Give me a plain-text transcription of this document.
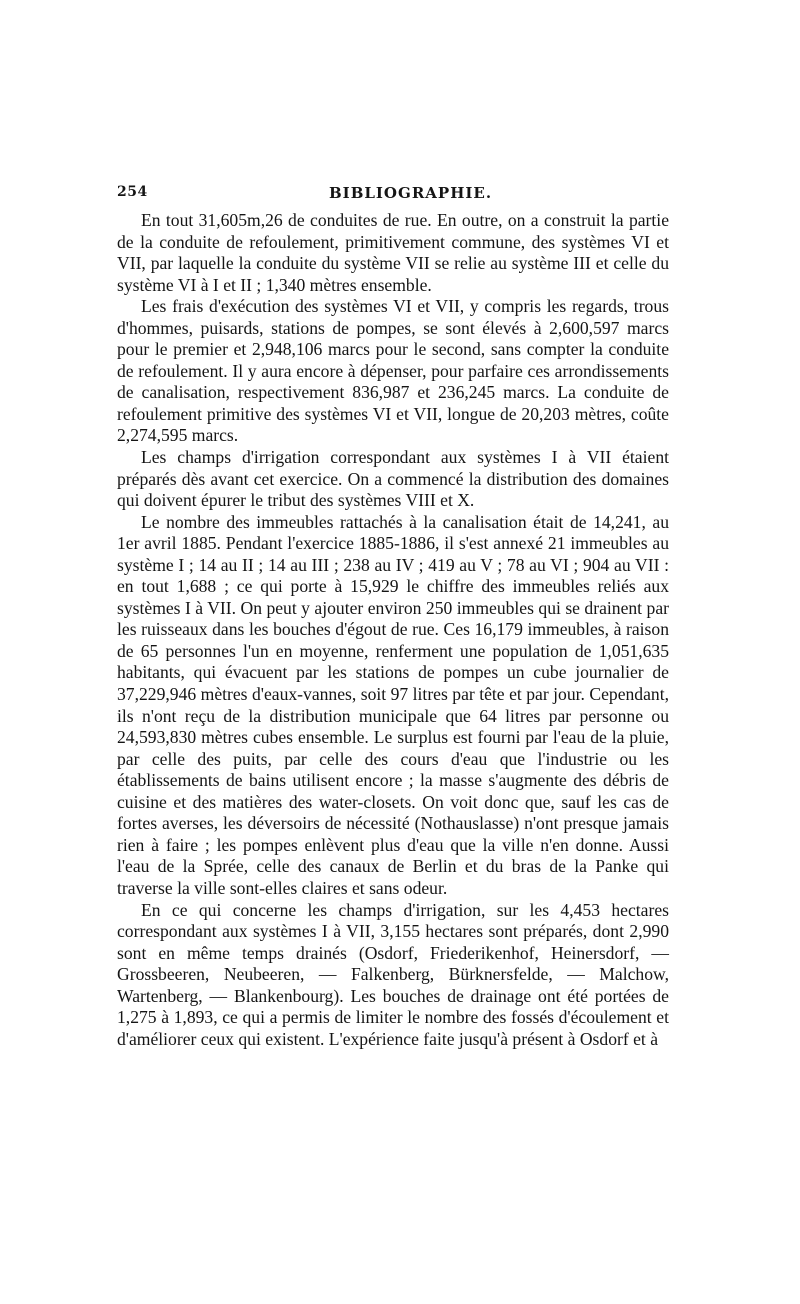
254	BIBLIOGRAPHIE.

En tout 31,605m,26 de conduites de rue. En outre, on a construit la partie de la conduite de refoulement, primitivement commune, des systèmes VI et VII, par laquelle la conduite du système VII se relie au système III et celle du système VI à I et II ; 1,340 mètres ensemble.

Les frais d'exécution des systèmes VI et VII, y compris les regards, trous d'hommes, puisards, stations de pompes, se sont élevés à 2,600,597 marcs pour le premier et 2,948,106 marcs pour le second, sans compter la conduite de refoulement. Il y aura encore à dépenser, pour parfaire ces arrondissements de canalisation, respectivement 836,987 et 236,245 marcs. La conduite de refoulement primitive des systèmes VI et VII, longue de 20,203 mètres, coûte 2,274,595 marcs.

Les champs d'irrigation correspondant aux systèmes I à VII étaient préparés dès avant cet exercice. On a commencé la distribution des domaines qui doivent épurer le tribut des systèmes VIII et X.

Le nombre des immeubles rattachés à la canalisation était de 14,241, au 1er avril 1885. Pendant l'exercice 1885-1886, il s'est annexé 21 immeubles au système I ; 14 au II ; 14 au III ; 238 au IV ; 419 au V ; 78 au VI ; 904 au VII : en tout 1,688 ; ce qui porte à 15,929 le chiffre des immeubles reliés aux systèmes I à VII. On peut y ajouter environ 250 immeubles qui se drainent par les ruisseaux dans les bouches d'égout de rue. Ces 16,179 immeubles, à raison de 65 personnes l'un en moyenne, renferment une population de 1,051,635 habitants, qui évacuent par les stations de pompes un cube journalier de 37,229,946 mètres d'eaux-vannes, soit 97 litres par tête et par jour. Cependant, ils n'ont reçu de la distribution municipale que 64 litres par personne ou 24,593,830 mètres cubes ensemble. Le surplus est fourni par l'eau de la pluie, par celle des puits, par celle des cours d'eau que l'industrie ou les établissements de bains utilisent encore ; la masse s'augmente des débris de cuisine et des matières des water-closets. On voit donc que, sauf les cas de fortes averses, les déversoirs de nécessité (Nothauslasse) n'ont presque jamais rien à faire ; les pompes enlèvent plus d'eau que la ville n'en donne. Aussi l'eau de la Sprée, celle des canaux de Berlin et du bras de la Panke qui traverse la ville sont-elles claires et sans odeur.

En ce qui concerne les champs d'irrigation, sur les 4,453 hectares correspondant aux systèmes I à VII, 3,155 hectares sont préparés, dont 2,990 sont en même temps drainés (Osdorf, Friederikenhof, Heinersdorf, — Grossbeeren, Neubeeren, — Falkenberg, Bürknersfelde, — Malchow, Wartenberg, — Blankenbourg). Les bouches de drainage ont été portées de 1,275 à 1,893, ce qui a permis de limiter le nombre des fossés d'écoulement et d'améliorer ceux qui existent. L'expérience faite jusqu'à présent à Osdorf et à
